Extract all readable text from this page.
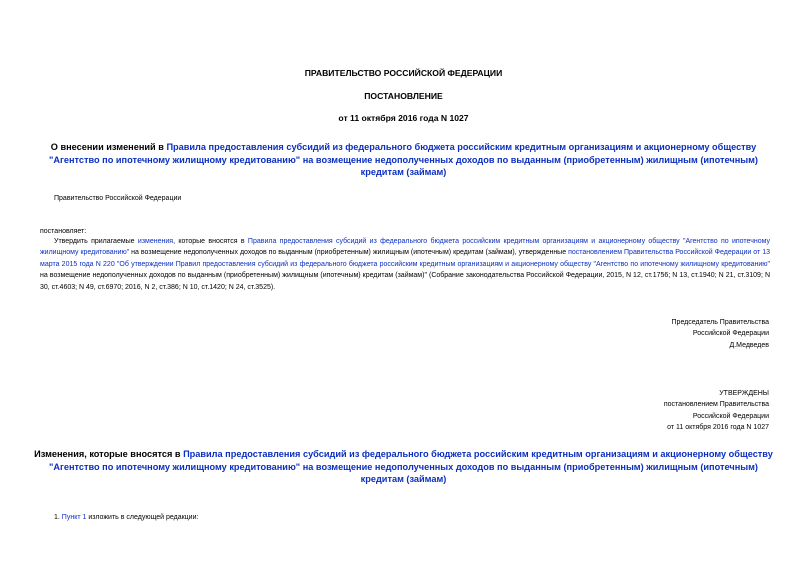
ПРАВИТЕЛЬСТВО РОССИЙСКОЙ ФЕДЕРАЦИИ
ПОСТАНОВЛЕНИЕ
от 11 октября 2016 года N 1027
О внесении изменений в Правила предоставления субсидий из федерального бюджета российским кредитным организациям и акционерному обществу "Агентство по ипотечному жилищному кредитованию" на возмещение недополученных доходов по выданным (приобретенным) жилищным (ипотечным) кредитам (займам)
Правительство Российской Федерации
постановляет:
Утвердить прилагаемые изменения, которые вносятся в Правила предоставления субсидий из федерального бюджета российским кредитным организациям и акционерному обществу "Агентство по ипотечному жилищному кредитованию" на возмещение недополученных доходов по выданным (приобретенным) жилищным (ипотечным) кредитам (займам), утвержденные постановлением Правительства Российской Федерации от 13 марта 2015 года N 220 "Об утверждении Правил предоставления субсидий из федерального бюджета российским кредитным организациям и акционерному обществу "Агентство по ипотечному жилищному кредитованию" на возмещение недополученных доходов по выданным (приобретенным) жилищным (ипотечным) кредитам (займам)" (Собрание законодательства Российской Федерации, 2015, N 12, ст.1756; N 13, ст.1940; N 21, ст.3109; N 30, ст.4603; N 49, ст.6970; 2016, N 2, ст.386; N 10, ст.1420; N 24, ст.3525).
Председатель Правительства
Российской Федерации
Д.Медведев
УТВЕРЖДЕНЫ
постановлением Правительства
Российской Федерации
от 11 октября 2016 года N 1027
Изменения, которые вносятся в Правила предоставления субсидий из федерального бюджета российским кредитным организациям и акционерному обществу "Агентство по ипотечному жилищному кредитованию" на возмещение недополученных доходов по выданным (приобретенным) жилищным (ипотечным) кредитам (займам)
1. Пункт 1 изложить в следующей редакции:
